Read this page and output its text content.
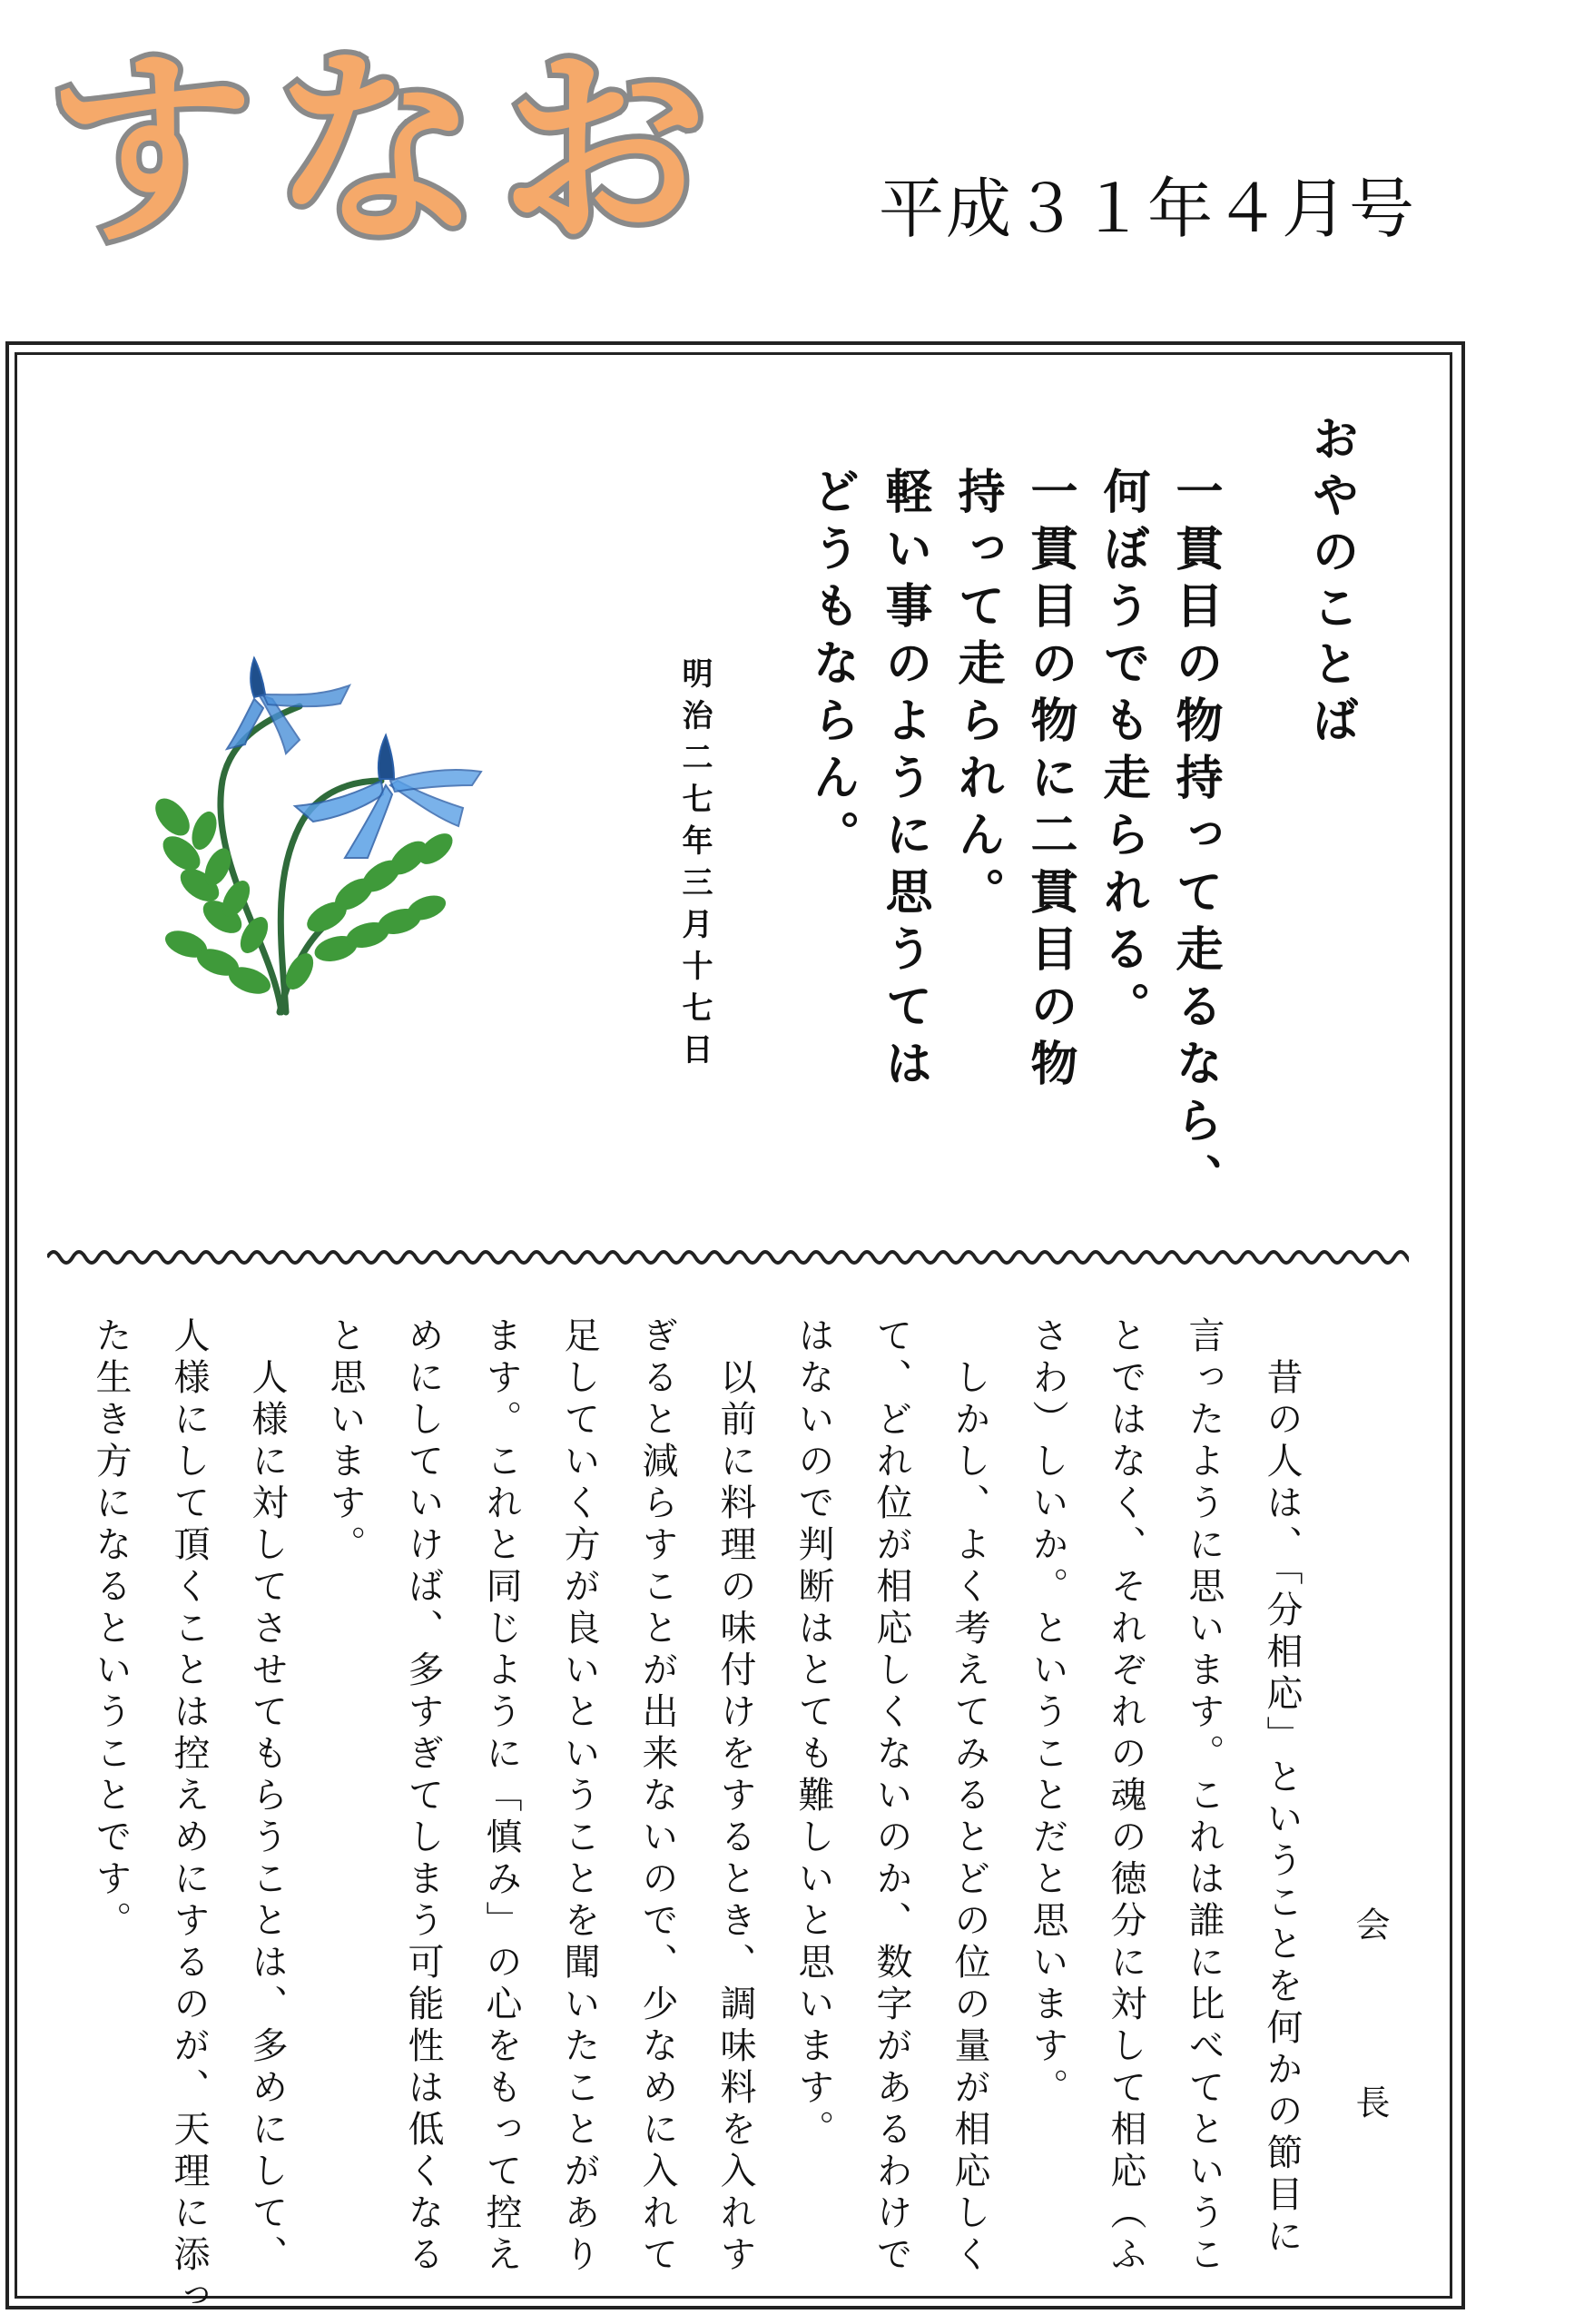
すなお 平成３１年４月号
おやのことば
一貫目の物持って走るなら、
何ぼうでも走られる。
一貫目の物に二貫目の物
持って走られん。
軽い事のように思うては
どうもならん。
明治二七年三月十七日
会　長
　昔の人は、「分相応」ということを何かの節目に
言ったように思います。これは誰に比べてというこ
とではなく、それぞれの魂の徳分に対して相応（ふ
さわ）しいか。ということだと思います。
　しかし、よく考えてみるとどの位の量が相応しく
て、どれ位が相応しくないのか、数字があるわけで
はないので判断はとても難しいと思います。
　以前に料理の味付けをするとき、調味料を入れす
ぎると減らすことが出来ないので、少なめに入れて
足していく方が良いということを聞いたことがあり
ます。これと同じように「慎み」の心をもって控え
めにしていけば、多すぎてしまう可能性は低くなる
と思います。
　人様に対してさせてもらうことは、多めにして、
人様にして頂くことは控えめにするのが、天理に添っ
た生き方になるということです。
